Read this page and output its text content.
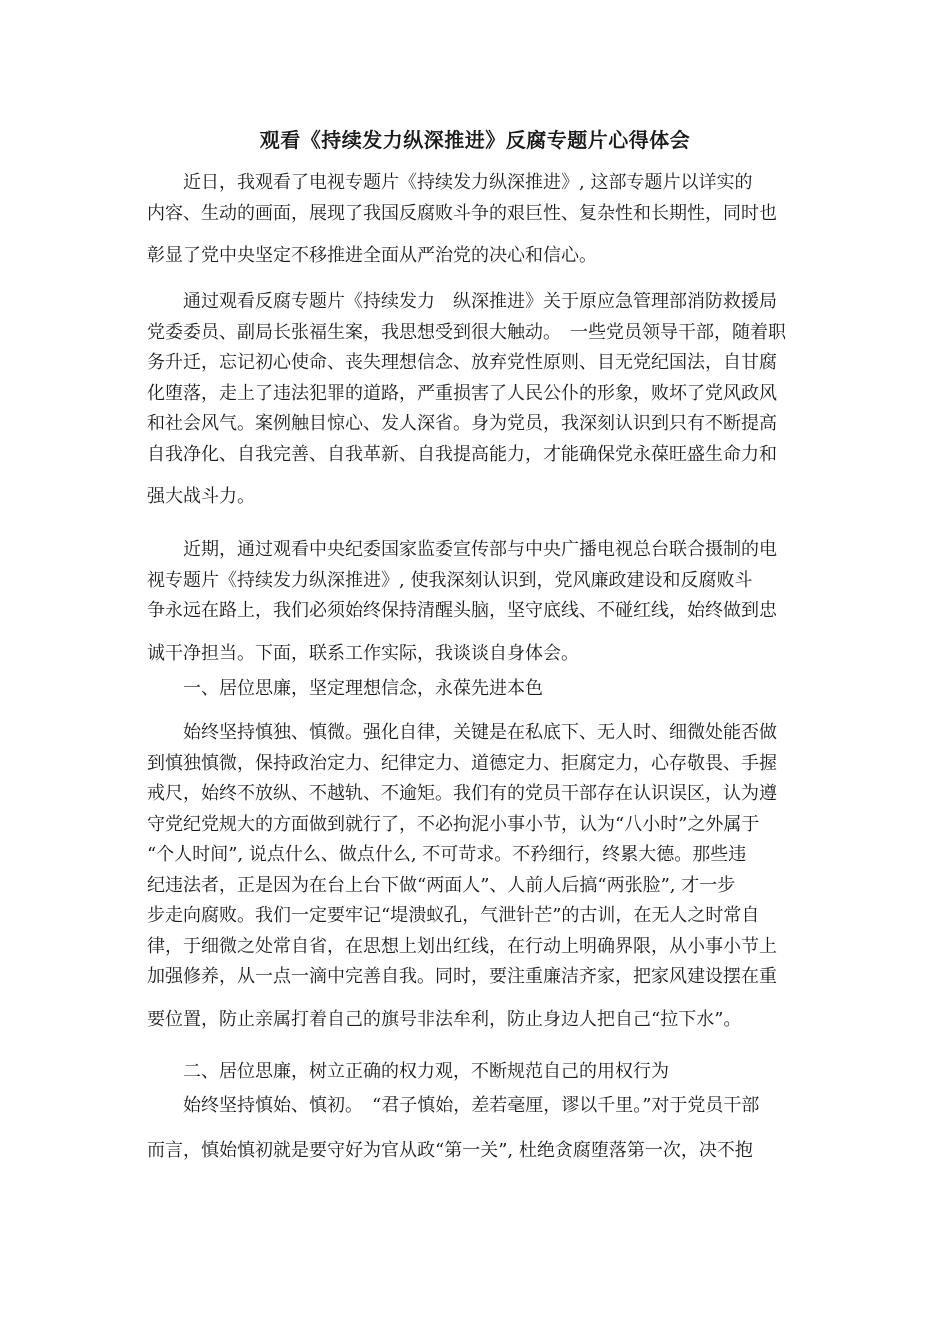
观看《持续发力纵深推进》反腐专题片心得体会

近日，我观看了电视专题片《持续发力纵深推进》, 这部专题片以详实的
内容、生动的画面，展现了我国反腐败斗争的艰巨性、复杂性和长期性，同时也
彰显了党中央坚定不移推进全面从严治党的决心和信心。

通过观看反腐专题片《持续发力　纵深推进》关于原应急管理部消防救援局
党委委员、副局长张福生案，我思想受到很大触动。　一些党员领导干部，随着职
务升迁，忘记初心使命、丧失理想信念、放弃党性原则、目无党纪国法，自甘腐
化堕落，走上了违法犯罪的道路，严重损害了人民公仆的形象，败坏了党风政风
和社会风气。案例触目惊心、发人深省。身为党员，我深刻认识到只有不断提高
自我净化、自我完善、自我革新、自我提高能力，才能确保党永葆旺盛生命力和
强大战斗力。

近期，通过观看中央纪委国家监委宣传部与中央广播电视总台联合摄制的电
视专题片《持续发力纵深推进》, 使我深刻认识到，党风廉政建设和反腐败斗
争永远在路上，我们必须始终保持清醒头脑，坚守底线、不碰红线，始终做到忠
诚干净担当。下面，联系工作实际，我谈谈自身体会。

一、居位思廉，坚定理想信念，永葆先进本色

始终坚持慎独、慎微。强化自律，关键是在私底下、无人时、细微处能否做
到慎独慎微，保持政治定力、纪律定力、道德定力、拒腐定力，心存敬畏、手握
戒尺，始终不放纵、不越轨、不逾矩。我们有的党员干部存在认识误区，认为遵
守党纪党规大的方面做到就行了，不必拘泥小事小节，认为“八小时”之外属于
“个人时间”, 说点什么、做点什么, 不可苛求。不矜细行，终累大德。那些违
纪违法者，正是因为在台上台下做“两面人”、人前人后搞“两张脸”, 才一步
步走向腐败。我们一定要牢记“堤溃蚁孔，气泄针芒”的古训，在无人之时常自
律，于细微之处常自省，在思想上划出红线，在行动上明确界限，从小事小节上
加强修养，从一点一滴中完善自我。同时，要注重廉洁齐家，把家风建设摆在重
要位置，防止亲属打着自己的旗号非法牟利，防止身边人把自己“拉下水”。

二、居位思廉，树立正确的权力观，不断规范自己的用权行为

始终坚持慎始、慎初。　“君子慎始，差若毫厘，谬以千里。”对于党员干部
而言，慎始慎初就是要守好为官从政“第一关”, 杜绝贪腐堕落第一次，决不抱
